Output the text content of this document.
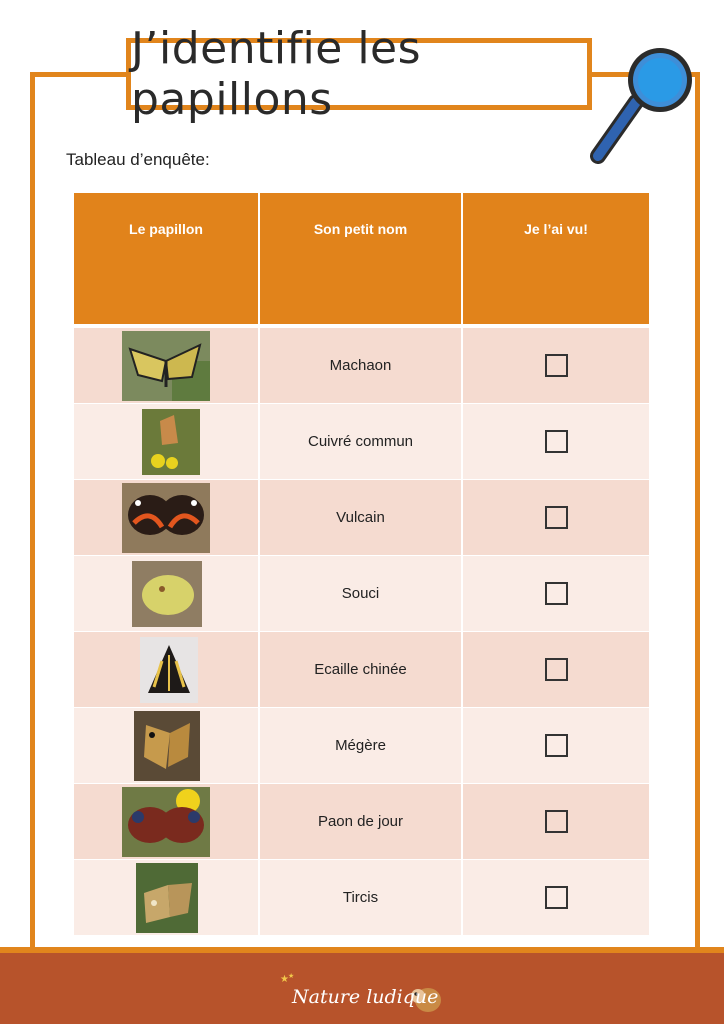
J’identifie les papillons
Tableau d’enquête:
Le papillon	Son petit nom	Je l’ai vu!
	Machaon	
	Cuivré commun	
	Vulcain	
	Souci	
	Ecaille chinée	
	Mégère	
	Paon de jour	
	Tircis	
★ ★
Nature ludique
